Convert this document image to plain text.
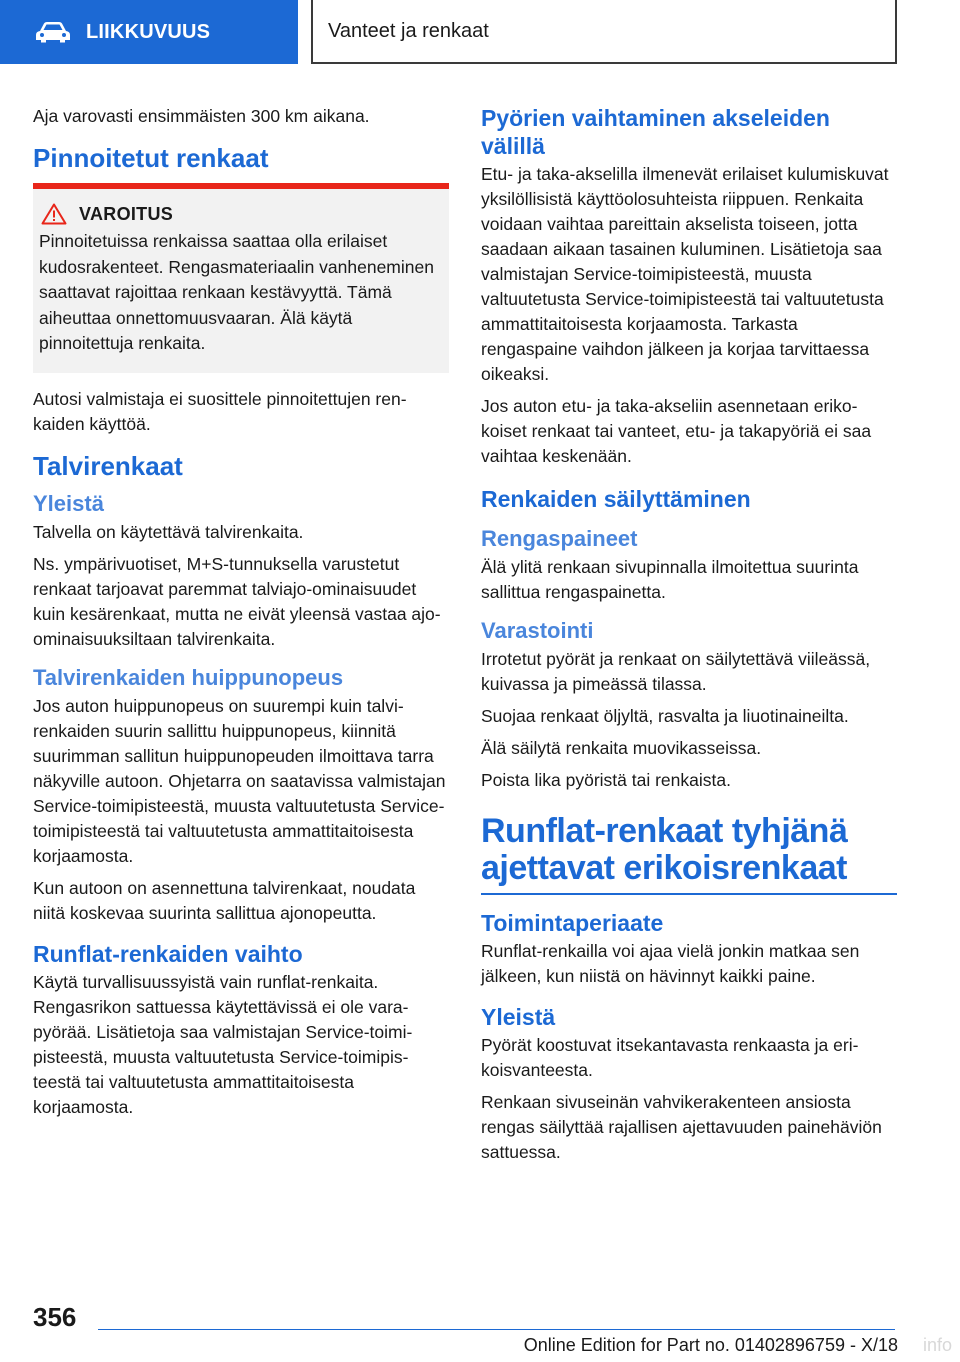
LIIKKUVUUS	Vanteet ja renkaat

Aja varovasti ensimmäisten 300 km aikana.

Pinnoitetut renkaat
VAROITUS

Pinnoitetuissa renkaissa saattaa olla erilaiset kudosrakenteet. Rengasmateriaalin vanheneminen saattavat rajoittaa renkaan kestävyyttä. Tämä aiheuttaa onnettomuusvaaran. Älä käytä pinnoitettuja renkaita.

Autosi valmistaja ei suosittele pinnoitettujen renkaiden käyttöä.

Talvirenkaat
Yleistä

Talvella on käytettävä talvirenkaita.

Ns. ympärivuotiset, M+S-tunnuksella varustetut renkaat tarjoavat paremmat talviajo-ominaisuudet kuin kesärenkaat, mutta ne eivät yleensä vastaa ajo-ominaisuuksiltaan talvirenkaita.

Talvirenkaiden huippunopeus

Jos auton huippunopeus on suurempi kuin talvirenkaiden suurin sallittu huippunopeus, kiinnitä suurimman sallitun huippunopeuden ilmoittava tarra näkyville autoon. Ohjetarra on saatavissa valmistajan Service-toimipisteestä, muusta valtuutetusta Service-toimipisteestä tai valtuutetusta ammattitaitoisesta korjaamosta.

Kun autoon on asennettuna talvirenkaat, noudata niitä koskevaa suurinta sallittua ajonopeutta.

Runflat-renkaiden vaihto

Käytä turvallisuussyistä vain runflat-renkaita. Rengasrikon sattuessa käytettävissä ei ole varapyörää. Lisätietoja saa valmistajan Service-toimipisteestä, muusta valtuutetusta Service-toimipisteestä tai valtuutetusta ammattitaitoisesta korjaamosta.

Pyörien vaihtaminen akseleiden välillä

Etu- ja taka-akselilla ilmenevät erilaiset kulumiskuvat yksilöllisistä käyttöolosuhteista riippuen. Renkaita voidaan vaihtaa pareittain akselista toiseen, jotta saadaan aikaan tasainen kuluminen. Lisätietoja saa valmistajan Service-toimipisteestä, muusta valtuutetusta Service-toimipisteestä tai valtuutetusta ammattitaitoisesta korjaamosta. Tarkasta rengaspaine vaihdon jälkeen ja korjaa tarvittaessa oikeaksi.

Jos auton etu- ja taka-akseliin asennetaan erikokoiset renkaat tai vanteet, etu- ja takapyöriä ei saa vaihtaa keskenään.

Renkaiden säilyttäminen
Rengaspaineet

Älä ylitä renkaan sivupinnalla ilmoitettua suurinta sallittua rengaspainetta.

Varastointi

Irrotetut pyörät ja renkaat on säilytettävä viileässä, kuivassa ja pimeässä tilassa.

Suojaa renkaat öljyltä, rasvalta ja liuotinaineilta.

Älä säilytä renkaita muovikasseissa.

Poista lika pyöristä tai renkaista.

Runflat-renkaat tyhjänä ajettavat erikoisrenkaat
Toimintaperiaate

Runflat-renkailla voi ajaa vielä jonkin matkaa sen jälkeen, kun niistä on hävinnyt kaikki paine.

Yleistä

Pyörät koostuvat itsekantavasta renkaasta ja erikoisvanteesta.

Renkaan sivuseinän vahvikerakenteen ansiosta rengas säilyttää rajallisen ajettavuuden painehäviön sattuessa.

356
Online Edition for Part no. 01402896759 - X/18 info
